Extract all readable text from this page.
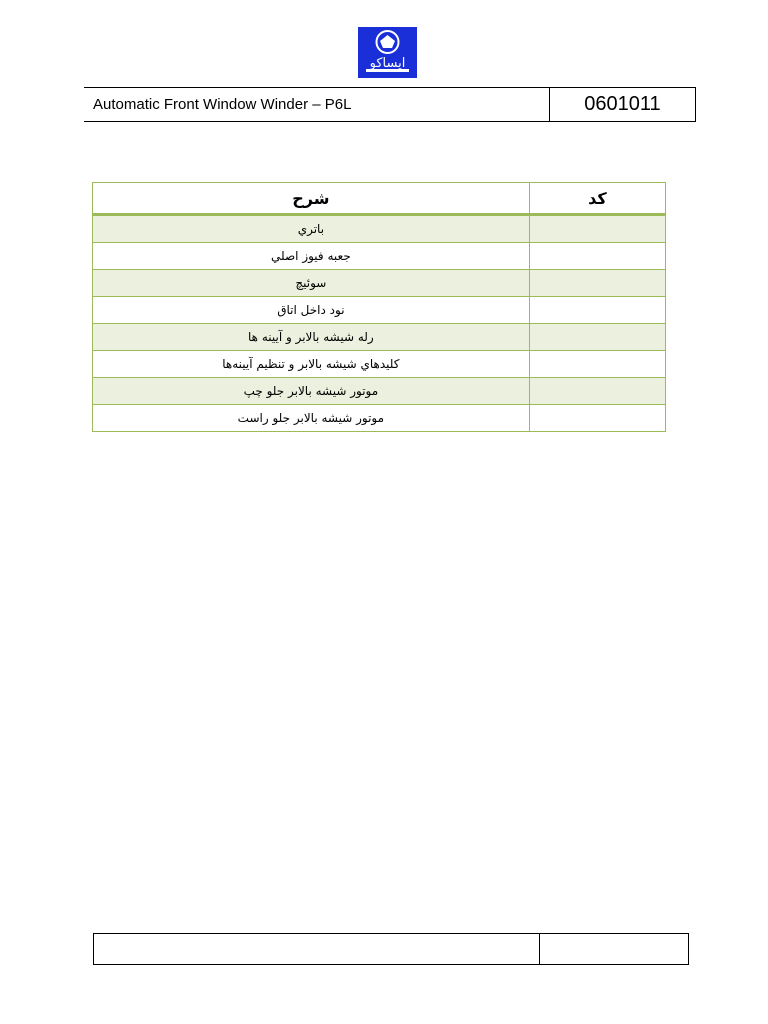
ایساکو
Automatic Front Window Winder – P6L	0601011
شرح	کد
باتري	
جعبه فيوز اصلي	
سوئيچ	
نود داخل اتاق	
رله شيشه بالابر و آيينه ها	
كليدهاي شيشه بالابر و تنظيم آيينه‌ها	
موتور شيشه بالابر جلو چپ	
موتور شيشه بالابر جلو راست	
